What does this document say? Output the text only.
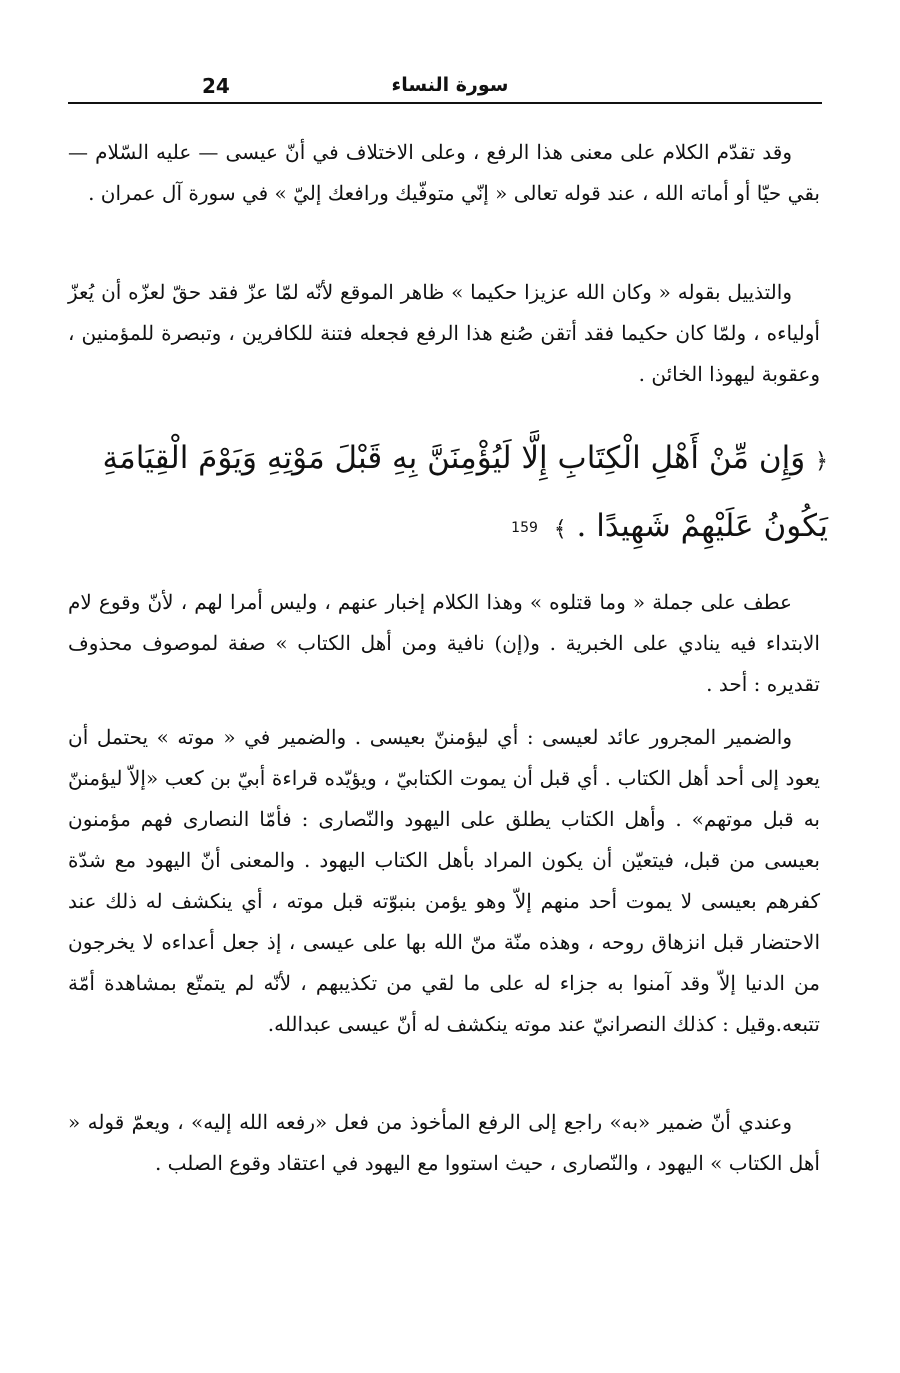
24	سورة النساء
وقد تقدّم الكلام على معنى هذا الرفع ، وعلى الاختلاف في أنّ عيسى — عليه السّلام — بقي حيّا أو أماته الله ، عند قوله تعالى « إنّي متوفّيك ورافعك إليّ » في سورة آل عمران .
والتذييل بقوله « وكان الله عزيزا حكيما » ظاهر الموقع لأنّه لمّا عزّ فقد حقّ لعزّه أن يُعزّ أولياءه ، ولمّا كان حكيما فقد أتقن صُنع هذا الرفع فجعله فتنة للكافرين ، وتبصرة للمؤمنين ، وعقوبة ليهوذا الخائن .
﴿ وَإِن مِّنْ أَهْلِ الْكِتَابِ إِلَّا لَيُؤْمِنَنَّ بِهِ قَبْلَ مَوْتِهِ وَيَوْمَ الْقِيَامَةِ يَكُونُ عَلَيْهِمْ شَهِيدًا . ﴾ 159
عطف على جملة « وما قتلوه » وهذا الكلام إخبار عنهم ، وليس أمرا لهم ، لأنّ وقوع لام الابتداء فيه ينادي على الخبرية . و(إن) نافية ومن أهل الكتاب » صفة لموصوف محذوف تقديره : أحد .
والضمير المجرور عائد لعيسى : أي ليؤمننّ بعيسى . والضمير في « موته » يحتمل أن يعود إلى أحد أهل الكتاب . أي قبل أن يموت الكتابيّ ، ويؤيّده قراءة أبيّ بن كعب «إلاّ ليؤمننّ به قبل موتهم» . وأهل الكتاب يطلق على اليهود والنّصارى : فأمّا النصارى فهم مؤمنون بعيسى من قبل، فيتعيّن أن يكون المراد بأهل الكتاب اليهود . والمعنى أنّ اليهود مع شدّة كفرهم بعيسى لا يموت أحد منهم إلاّ وهو يؤمن بنبوّته قبل موته ، أي ينكشف له ذلك عند الاحتضار قبل انزهاق روحه ، وهذه منّة منّ الله بها على عيسى ، إذ جعل أعداءه لا يخرجون من الدنيا إلاّ وقد آمنوا به جزاء له على ما لقي من تكذيبهم ، لأنّه لم يتمتّع بمشاهدة أمّة تتبعه.وقيل : كذلك النصرانيّ عند موته ينكشف له أنّ عيسى عبدالله.
وعندي أنّ ضمير «به» راجع إلى الرفع المأخوذ من فعل «رفعه الله إليه» ، ويعمّ قوله « أهل الكتاب » اليهود ، والنّصارى ، حيث استووا مع اليهود في اعتقاد وقوع الصلب .
